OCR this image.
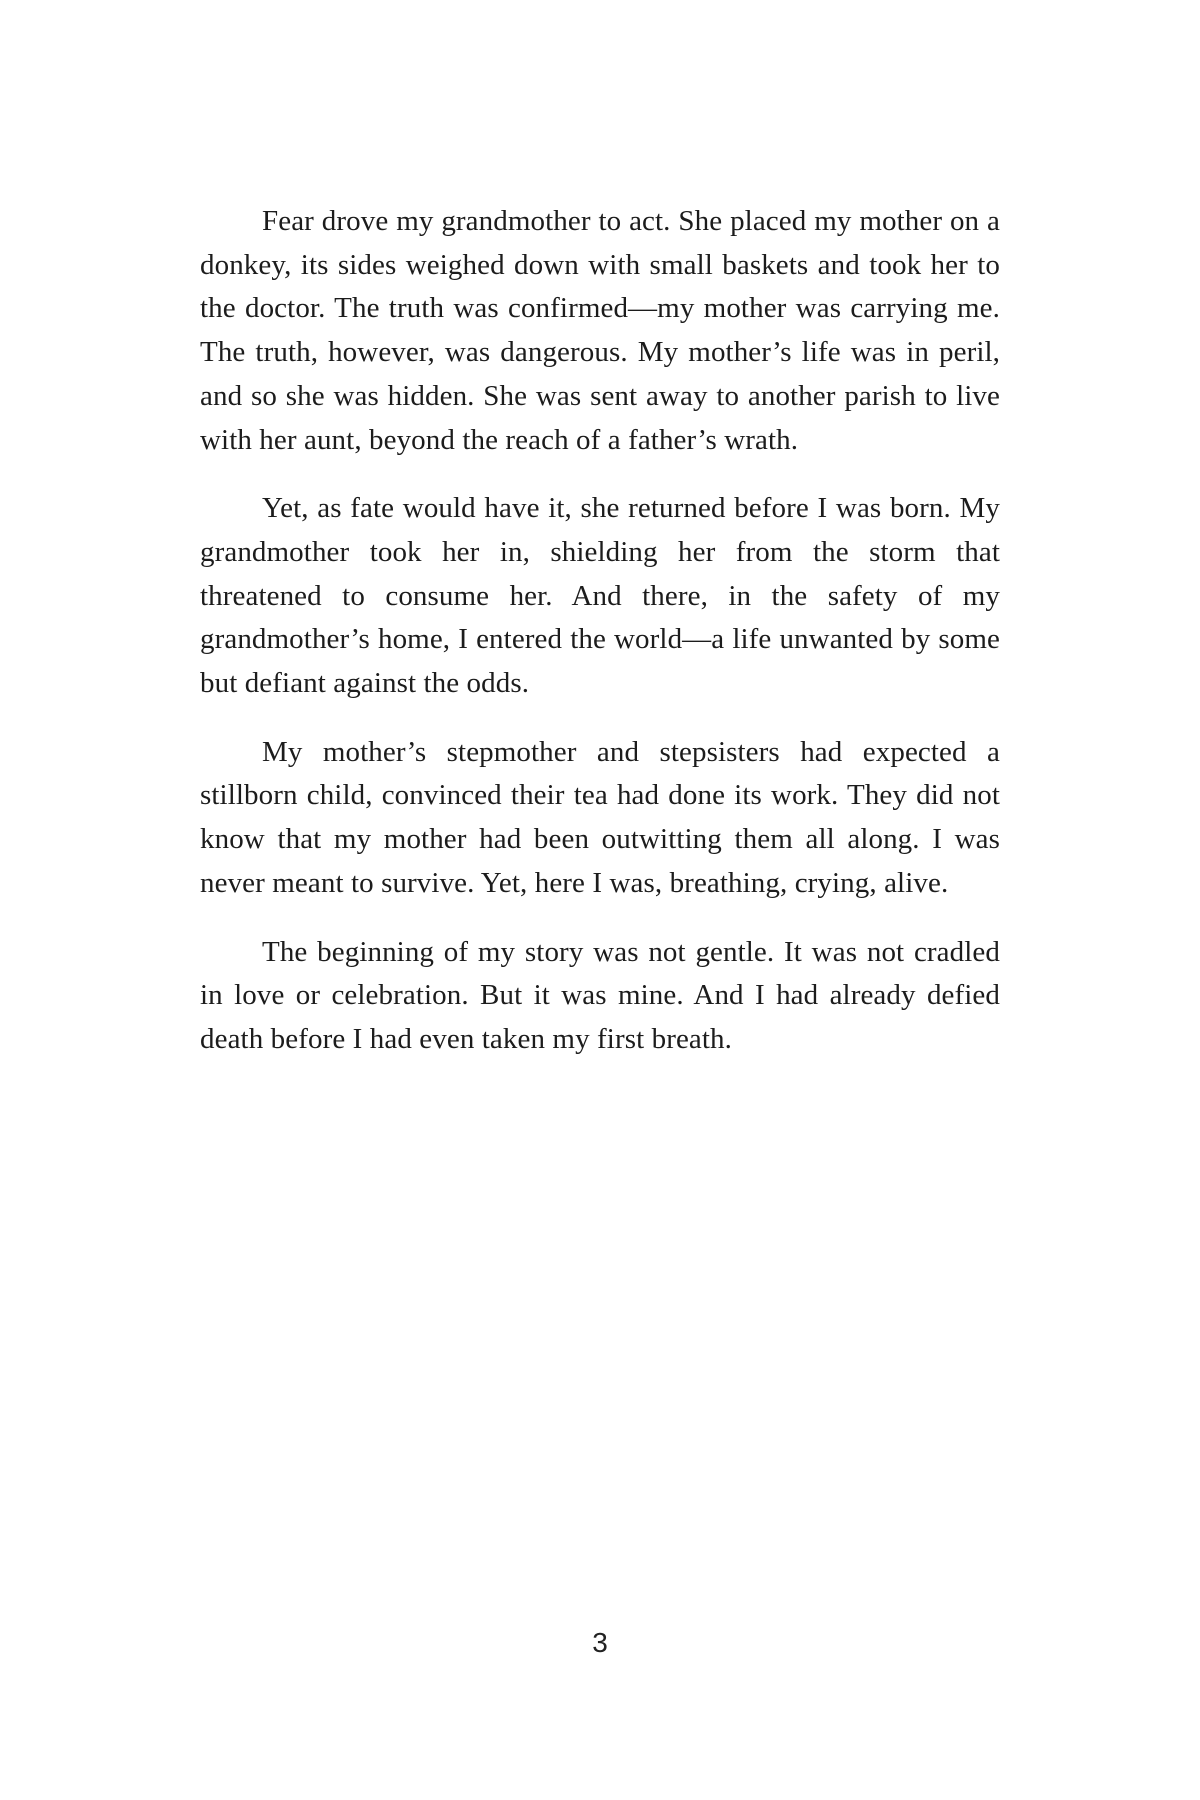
Fear drove my grandmother to act. She placed my mother on a donkey, its sides weighed down with small baskets and took her to the doctor. The truth was confirmed—my mother was carrying me. The truth, however, was dangerous. My mother’s life was in peril, and so she was hidden. She was sent away to another parish to live with her aunt, beyond the reach of a father’s wrath.

Yet, as fate would have it, she returned before I was born. My grandmother took her in, shielding her from the storm that threatened to consume her. And there, in the safety of my grandmother’s home, I entered the world—a life unwanted by some but defiant against the odds.

My mother’s stepmother and stepsisters had expected a stillborn child, convinced their tea had done its work. They did not know that my mother had been outwitting them all along. I was never meant to survive. Yet, here I was, breathing, crying, alive.

The beginning of my story was not gentle. It was not cradled in love or celebration. But it was mine. And I had already defied death before I had even taken my first breath.

3
